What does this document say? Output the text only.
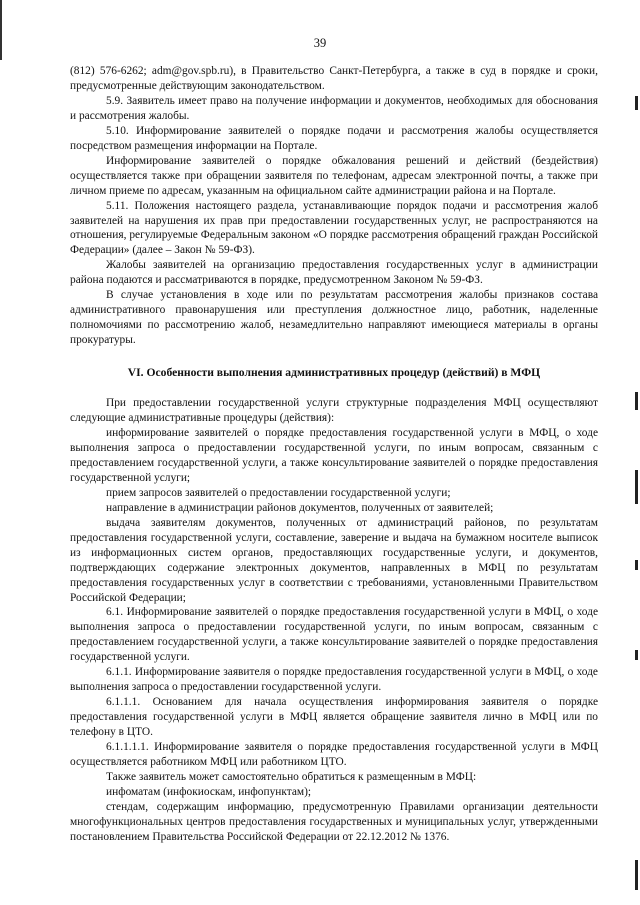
39

(812) 576-6262; adm@gov.spb.ru), в Правительство Санкт-Петербурга, а также в суд в порядке и сроки, предусмотренные действующим законодательством.

5.9. Заявитель имеет право на получение информации и документов, необходимых для обоснования и рассмотрения жалобы.

5.10. Информирование заявителей о порядке подачи и рассмотрения жалобы осуществляется посредством размещения информации на Портале.

Информирование заявителей о порядке обжалования решений и действий (бездействия) осуществляется также при обращении заявителя по телефонам, адресам электронной почты, а также при личном приеме по адресам, указанным на официальном сайте администрации района и на Портале.

5.11. Положения настоящего раздела, устанавливающие порядок подачи и рассмотрения жалоб заявителей на нарушения их прав при предоставлении государственных услуг, не распространяются на отношения, регулируемые Федеральным законом «О порядке рассмотрения обращений граждан Российской Федерации» (далее – Закон № 59-ФЗ).

Жалобы заявителей на организацию предоставления государственных услуг в администрации района подаются и рассматриваются в порядке, предусмотренном Законом № 59-ФЗ.

В случае установления в ходе или по результатам рассмотрения жалобы признаков состава административного правонарушения или преступления должностное лицо, работник, наделенные полномочиями по рассмотрению жалоб, незамедлительно направляют имеющиеся материалы в органы прокуратуры.

VI. Особенности выполнения административных процедур (действий) в МФЦ

При предоставлении государственной услуги структурные подразделения МФЦ осуществляют следующие административные процедуры (действия):

информирование заявителей о порядке предоставления государственной услуги в МФЦ, о ходе выполнения запроса о предоставлении государственной услуги, по иным вопросам, связанным с предоставлением государственной услуги, а также консультирование заявителей о порядке предоставления государственной услуги;

прием запросов заявителей о предоставлении государственной услуги;

направление в администрации районов документов, полученных от заявителей;

выдача заявителям документов, полученных от администраций районов, по результатам предоставления государственной услуги, составление, заверение и выдача на бумажном носителе выписок из информационных систем органов, предоставляющих государственные услуги, и документов, подтверждающих содержание электронных документов, направленных в МФЦ по результатам предоставления государственных услуг в соответствии с требованиями, установленными Правительством Российской Федерации;

6.1. Информирование заявителей о порядке предоставления государственной услуги в МФЦ, о ходе выполнения запроса о предоставлении государственной услуги, по иным вопросам, связанным с предоставлением государственной услуги, а также консультирование заявителей о порядке предоставления государственной услуги.

6.1.1. Информирование заявителя о порядке предоставления государственной услуги в МФЦ, о ходе выполнения запроса о предоставлении государственной услуги.

6.1.1.1. Основанием для начала осуществления информирования заявителя о порядке предоставления государственной услуги в МФЦ является обращение заявителя лично в МФЦ или по телефону в ЦТО.

6.1.1.1.1. Информирование заявителя о порядке предоставления государственной услуги в МФЦ осуществляется работником МФЦ или работником ЦТО.

Также заявитель может самостоятельно обратиться к размещенным в МФЦ:

инфоматам (инфокиоскам, инфопунктам);

стендам, содержащим информацию, предусмотренную Правилами организации деятельности многофункциональных центров предоставления государственных и муниципальных услуг, утвержденными постановлением Правительства Российской Федерации от 22.12.2012 № 1376.
